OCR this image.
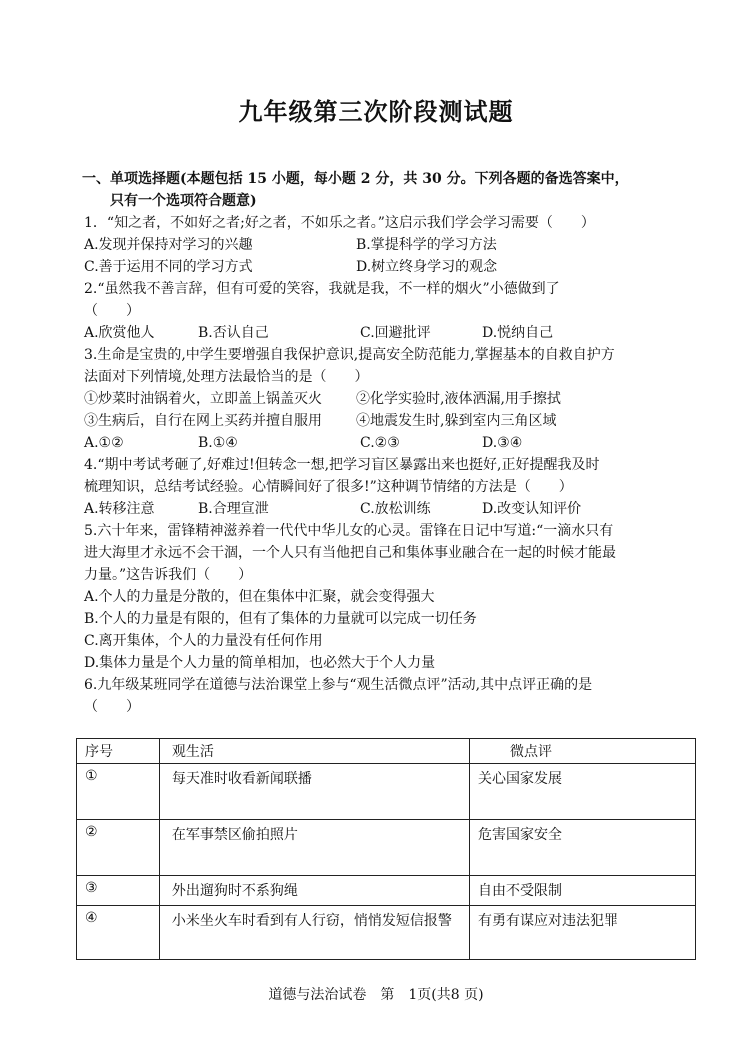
九年级第三次阶段测试题
一、单项选择题(本题包括 15 小题，每小题 2 分，共 30 分。下列各题的备选答案中，
只有一个选项符合题意)
1．“知之者，不如好之者;好之者，不如乐之者。”这启示我们学会学习需要（　　）
A.发现并保持对学习的兴趣	B.掌提科学的学习方法
C.善于运用不同的学习方式	D.树立终身学习的观念
2.“虽然我不善言辞，但有可爱的笑容，我就是我，不一样的烟火”小德做到了
（　　）
A.欣赏他人	B.否认自己	C.回避批评	D.悦纳自己
3.生命是宝贵的,中学生要增强自我保护意识,提高安全防范能力,掌握基本的自救自护方
法面对下列情境,处理方法最恰当的是（　　）
①炒菜时油锅着火，立即盖上锅盖灭火	②化学实验时,液体洒漏,用手擦拭
③生病后，自行在网上买药并擅自服用	④地震发生时,躲到室内三角区域
A.①②	B.①④	C.②③	D.③④
4.“期中考试考砸了,好难过!但转念一想,把学习盲区暴露出来也挺好,正好提醒我及时
梳理知识，总结考试经验。心情瞬间好了很多!”这种调节情绪的方法是（　　）
A.转移注意	B.合理宣泄	C.放松训练	D.改变认知评价
5.六十年来，雷锋精神滋养着一代代中华儿女的心灵。雷锋在日记中写道:“一滴水只有
进大海里才永远不会干涸，一个人只有当他把自己和集体事业融合在一起的时候才能最
力量。”这告诉我们（　　）
A.个人的力量是分散的，但在集体中汇聚，就会变得强大
B.个人的力量是有限的，但有了集体的力量就可以完成一切任务
C.离开集体，个人的力量没有任何作用
D.集体力量是个人力量的简单相加，也必然大于个人力量
6.九年级某班同学在道德与法治课堂上参与“观生活微点评”活动,其中点评正确的是
（　　）
序号	观生活	微点评
①	每天准时收看新闻联播	关心国家发展
②	在军事禁区偷拍照片	危害国家安全
③	外出遛狗时不系狗绳	自由不受限制
④	小米坐火车时看到有人行窃，悄悄发短信报警	有勇有谋应对违法犯罪
道德与法治试卷　第　1页(共8 页)
